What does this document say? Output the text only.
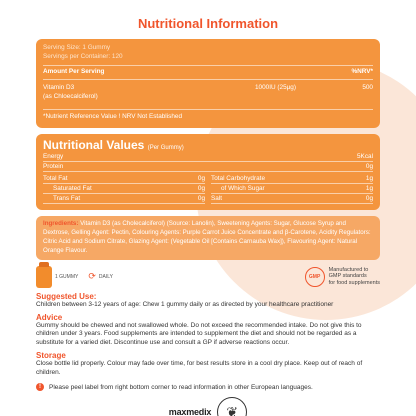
Nutritional Information
Serving Size: 1 Gummy
Servings per Container: 120
Amount Per Serving	%NRV*
Vitamin D3
(as Chloecalciferol)
1000IU (25µg)	500
*Nutrient Reference Value ! NRV Not Established
Nutritional Values (Per Gummy)
Energy	5Kcal
Protein	0g
Total Fat	0g
Saturated Fat	0g
Trans Fat	0g
Total Carbohydrate	1g
of Which Sugar	1g
Salt	0g
Ingredients: Vitamin D3 (as Cholecalciferol) (Source: Lanolin), Sweetening Agents: Sugar, Glucose Syrup and Dextrose, Gelling Agent: Pectin, Colouring Agents: Purple Carrot Juice Concentrate and β-Carotene, Acidity Regulators: Citric Acid and Sodium Citrate, Glazing Agent: (Vegetable Oil [Contains Carnauba Wax]), Flavouring Agent: Natural Orange Flavour.
1 GUMMY ⟳ DAILY	GMP
Manufactured to
GMP standards
for food supplements
Suggested Use:
Children between 3-12 years of age: Chew 1 gummy daily or as directed by your healthcare practitioner
Advice
Gummy should be chewed and not swallowed whole. Do not exceed the recommended intake. Do not give this to children under 3 years. Food supplements are intended to supplement the diet and should not be regarded as a substitute for a varied diet. Discontinue use and consult a GP if adverse reactions occur.
Storage
Close bottle lid properly. Colour may fade over time, for best results store in a cool dry place. Keep out of reach of children.
!	Please peel label from right bottom corner to read information in other European languages.
maxmedix	❦
